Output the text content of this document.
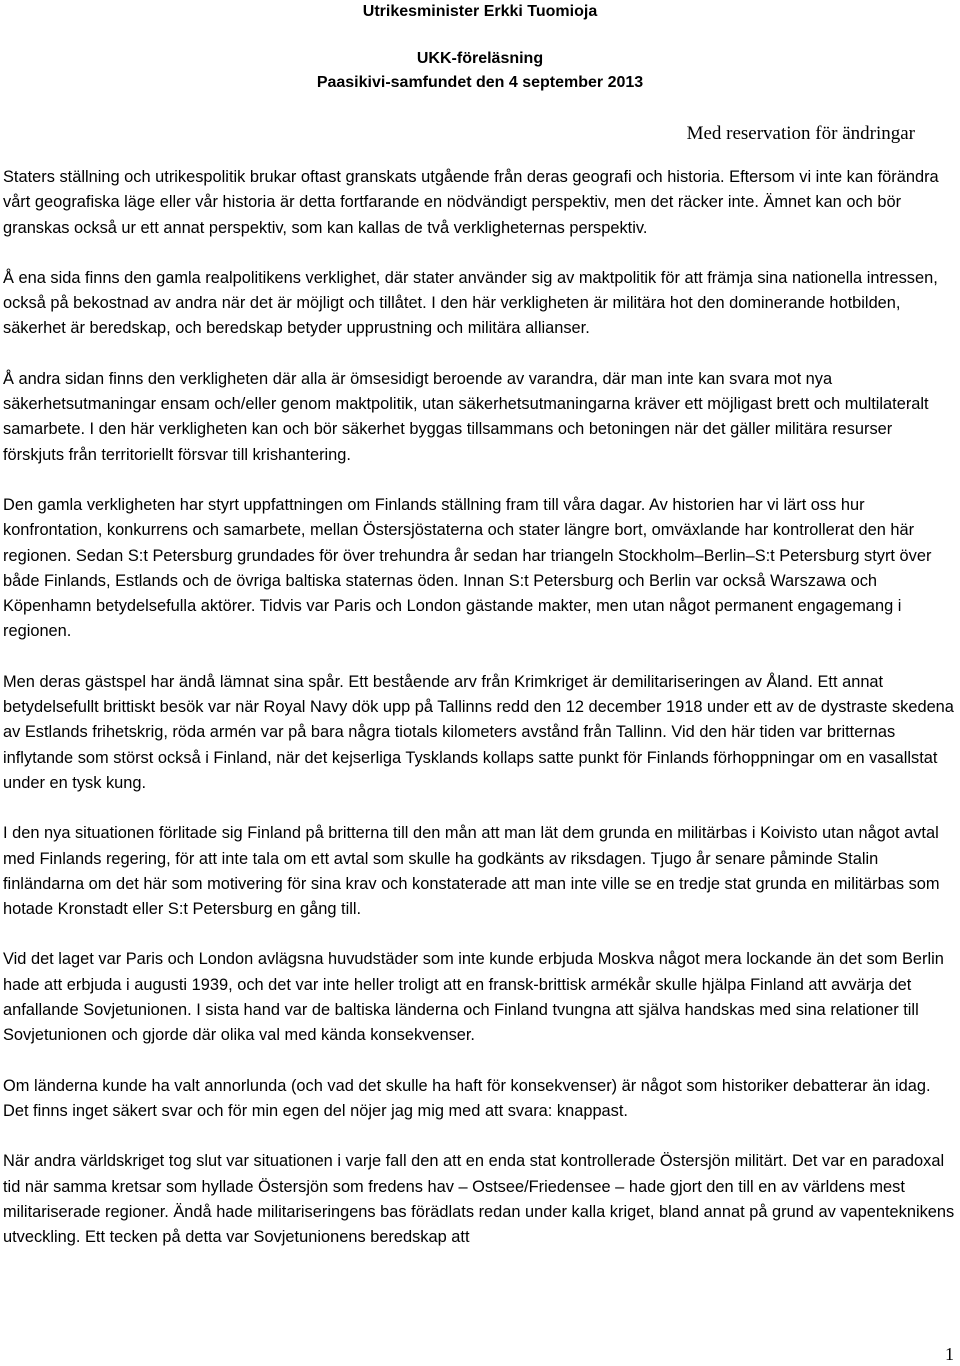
Utrikesminister Erkki Tuomioja

UKK-föreläsning

Paasikivi-samfundet den 4 september 2013

Med reservation för ändringar

Staters ställning och utrikespolitik brukar oftast granskats utgående från deras geografi och historia. Eftersom vi inte kan förändra vårt geografiska läge eller vår historia är detta fortfarande en nödvändigt perspektiv, men det räcker inte. Ämnet kan och bör granskas också ur ett annat perspektiv, som kan kallas de två verkligheternas perspektiv.

Å ena sida finns den gamla realpolitikens verklighet, där stater använder sig av maktpolitik för att främja sina nationella intressen, också på bekostnad av andra när det är möjligt och tillåtet. I den här verkligheten är militära hot den dominerande hotbilden, säkerhet är beredskap, och beredskap betyder upprustning och militära allianser.

Å andra sidan finns den verkligheten där alla är ömsesidigt beroende av varandra, där man inte kan svara mot nya säkerhetsutmaningar ensam och/eller genom maktpolitik, utan säkerhetsutmaningarna kräver ett möjligast brett och multilateralt samarbete. I den här verkligheten kan och bör säkerhet byggas tillsammans och betoningen när det gäller militära resurser förskjuts från territoriellt försvar till krishantering.

Den gamla verkligheten har styrt uppfattningen om Finlands ställning fram till våra dagar. Av historien har vi lärt oss hur konfrontation, konkurrens och samarbete, mellan Östersjöstaterna och stater längre bort, omväxlande har kontrollerat den här regionen. Sedan S:t Petersburg grundades för över trehundra år sedan har triangeln Stockholm–Berlin–S:t Petersburg styrt över både Finlands, Estlands och de övriga baltiska staternas öden. Innan S:t Petersburg och Berlin var också Warszawa och Köpenhamn betydelsefulla aktörer. Tidvis var Paris och London gästande makter, men utan något permanent engagemang i regionen.

Men deras gästspel har ändå lämnat sina spår. Ett bestående arv från Krimkriget är demilitariseringen av Åland. Ett annat betydelsefullt brittiskt besök var när Royal Navy dök upp på Tallinns redd den 12 december 1918 under ett av de dystraste skedena av Estlands frihetskrig, röda armén var på bara några tiotals kilometers avstånd från Tallinn. Vid den här tiden var britternas inflytande som störst också i Finland, när det kejserliga Tysklands kollaps satte punkt för Finlands förhoppningar om en vasallstat under en tysk kung.

I den nya situationen förlitade sig Finland på britterna till den mån att man lät dem grunda en militärbas i Koivisto utan något avtal med Finlands regering, för att inte tala om ett avtal som skulle ha godkänts av riksdagen. Tjugo år senare påminde Stalin finländarna om det här som motivering för sina krav och konstaterade att man inte ville se en tredje stat grunda en militärbas som hotade Kronstadt eller S:t Petersburg en gång till.

Vid det laget var Paris och London avlägsna huvudstäder som inte kunde erbjuda Moskva något mera lockande än det som Berlin hade att erbjuda i augusti 1939, och det var inte heller troligt att en fransk-brittisk armékår skulle hjälpa Finland att avvärja det anfallande Sovjetunionen. I sista hand var de baltiska länderna och Finland tvungna att själva handskas med sina relationer till Sovjetunionen och gjorde där olika val med kända konsekvenser.

Om länderna kunde ha valt annorlunda (och vad det skulle ha haft för konsekvenser) är något som historiker debatterar än idag. Det finns inget säkert svar och för min egen del nöjer jag mig med att svara: knappast.

När andra världskriget tog slut var situationen i varje fall den att en enda stat kontrollerade Östersjön militärt. Det var en paradoxal tid när samma kretsar som hyllade Östersjön som fredens hav – Ostsee/Friedensee – hade gjort den till en av världens mest militariserade regioner. Ändå hade militariseringens bas förädlats redan under kalla kriget, bland annat på grund av vapenteknikens utveckling. Ett tecken på detta var Sovjetunionens beredskap att

1
